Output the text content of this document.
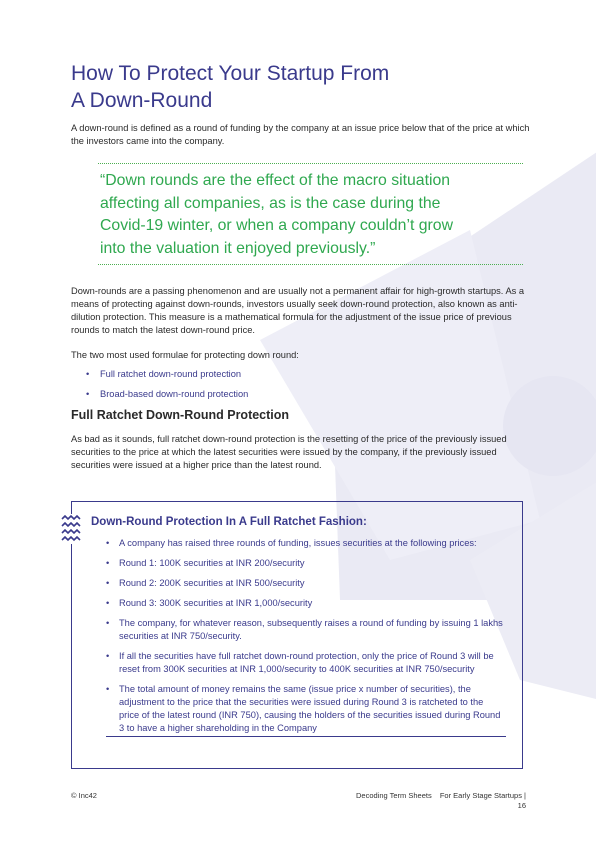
How To Protect Your Startup From
A Down-Round

A down-round is defined as a round of funding by the company at an issue price below that of the price at which the investors came into the company.

“Down rounds are the effect of the macro situation
affecting all companies, as is the case during the
Covid-19 winter, or when a company couldn’t grow
into the valuation it enjoyed previously.”

Down-rounds are a passing phenomenon and are usually not a permanent affair for high-growth startups. As a means of protecting against down-rounds, investors usually seek down-round protection, also known as anti-dilution protection. This measure is a mathematical formula for the adjustment of the issue price of previous rounds to match the latest down-round price.

The two most used formulae for protecting down round:

• Full ratchet down-round protection
• Broad-based down-round protection
Full Ratchet Down-Round Protection

As bad as it sounds, full ratchet down-round protection is the resetting of the price of the previously issued securities to the price at which the latest securities were issued by the company, if the previously issued securities were issued at a higher price than the latest round.

Down-Round Protection In A Full Ratchet Fashion:
• A company has raised three rounds of funding, issues securities at the following prices:
• Round 1: 100K securities at INR 200/security
• Round 2: 200K securities at INR 500/security
• Round 3: 300K securities at INR 1,000/security
• The company, for whatever reason, subsequently raises a round of funding by issuing 1 lakhs securities at INR 750/security.
• If all the securities have full ratchet down-round protection, only the price of Round 3 will be reset from 300K securities at INR 1,000/security to 400K securities at INR 750/security
• The total amount of money remains the same (issue price x number of securities), the adjustment to the price that the securities were issued during Round 3 is ratcheted to the price of the latest round (INR 750), causing the holders of the securities issued during Round 3 to have a higher shareholding in the Company
© Inc42	Decoding Term Sheets For Early Stage Startups | 16
